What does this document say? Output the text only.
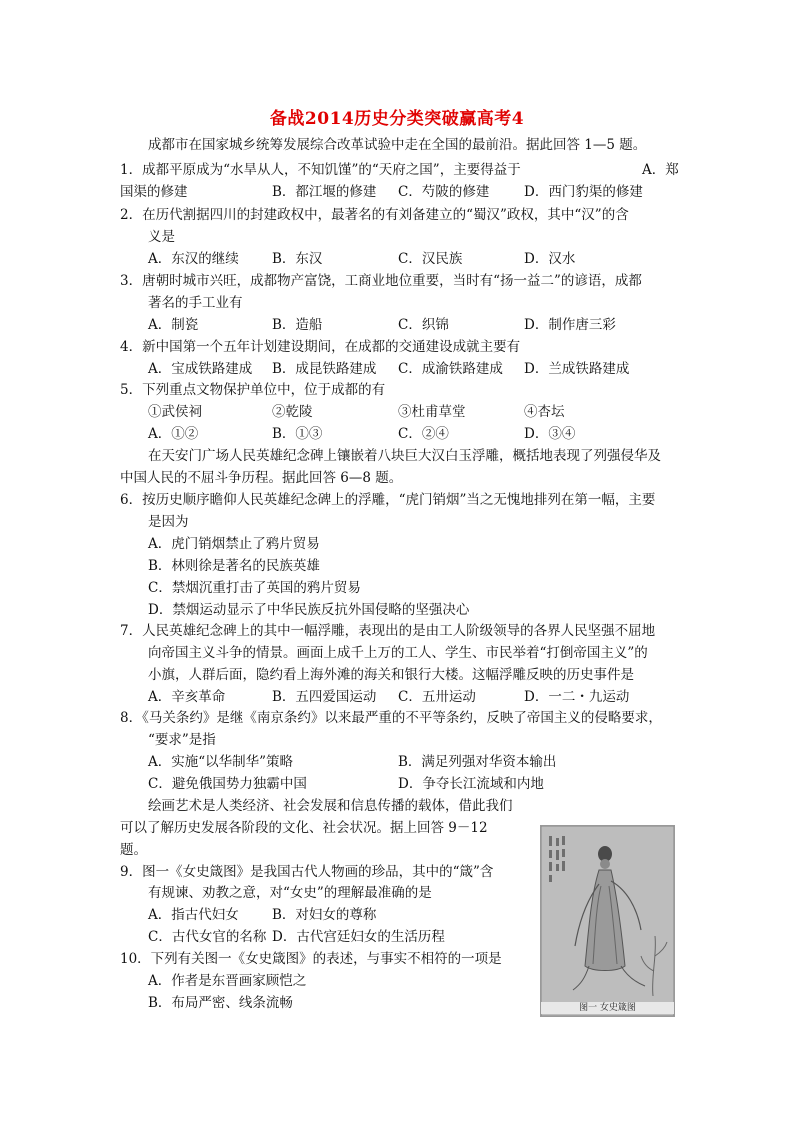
备战2014历史分类突破赢高考4
成都市在国家城乡统筹发展综合改革试验中走在全国的最前沿。据此回答 1—5 题。
1．成都平原成为“水旱从人，不知饥馑”的“天府之国”，主要得益于	A．郑
国渠的修建	B．都江堰的修建 C．芍陂的修建	D．西门豹渠的修建
2．在历代割据四川的封建政权中，最著名的有刘备建立的“蜀汉”政权，其中“汉”的含
义是
A．东汉的继续 B．东汉	C．汉民族	D．汉水
3．唐朝时城市兴旺，成都物产富饶，工商业地位重要，当时有“扬一益二”的谚语，成都
著名的手工业有
A．制瓷	B．造船	C．织锦	D．制作唐三彩
4．新中国第一个五年计划建设期间，在成都的交通建设成就主要有
A．宝成铁路建成 B．成昆铁路建成 C．成渝铁路建成 D．兰成铁路建成
5．下列重点文物保护单位中，位于成都的有
①武侯祠	②乾陵	③杜甫草堂	④杏坛
A．①②	B．①③	C．②④	D．③④
在天安门广场人民英雄纪念碑上镶嵌着八块巨大汉白玉浮雕，概括地表现了列强侵华及
中国人民的不屈斗争历程。据此回答 6—8 题。
6．按历史顺序瞻仰人民英雄纪念碑上的浮雕，“虎门销烟”当之无愧地排列在第一幅，主要
是因为
A．虎门销烟禁止了鸦片贸易
B．林则徐是著名的民族英雄
C．禁烟沉重打击了英国的鸦片贸易
D．禁烟运动显示了中华民族反抗外国侵略的坚强决心
7．人民英雄纪念碑上的其中一幅浮雕，表现出的是由工人阶级领导的各界人民坚强不屈地
向帝国主义斗争的情景。画面上成千上万的工人、学生、市民举着“打倒帝国主义”的
小旗，人群后面，隐约看上海外滩的海关和银行大楼。这幅浮雕反映的历史事件是
A．辛亥革命	B．五四爱国运动 C．五卅运动	D．一二・九运动
8．《马关条约》是继《南京条约》以来最严重的不平等条约，反映了帝国主义的侵略要求，
“要求”是指
A．实施“以华制华”策略	B．满足列强对华资本输出
C．避免俄国势力独霸中国	D．争夺长江流域和内地
绘画艺术是人类经济、社会发展和信息传播的载体，借此我们
可以了解历史发展各阶段的文化、社会状况。据上回答 9－12
题。
9．图一《女史箴图》是我国古代人物画的珍品，其中的“箴”含
有规谏、劝教之意，对“女史”的理解最准确的是
A．指古代妇女 B．对妇女的尊称
C．古代女官的名称 D．古代宫廷妇女的生活历程
10．下列有关图一《女史箴图》的表述，与事实不相符的一项是
A．作者是东晋画家顾恺之
B．布局严密、线条流畅	图一 女史箴图
